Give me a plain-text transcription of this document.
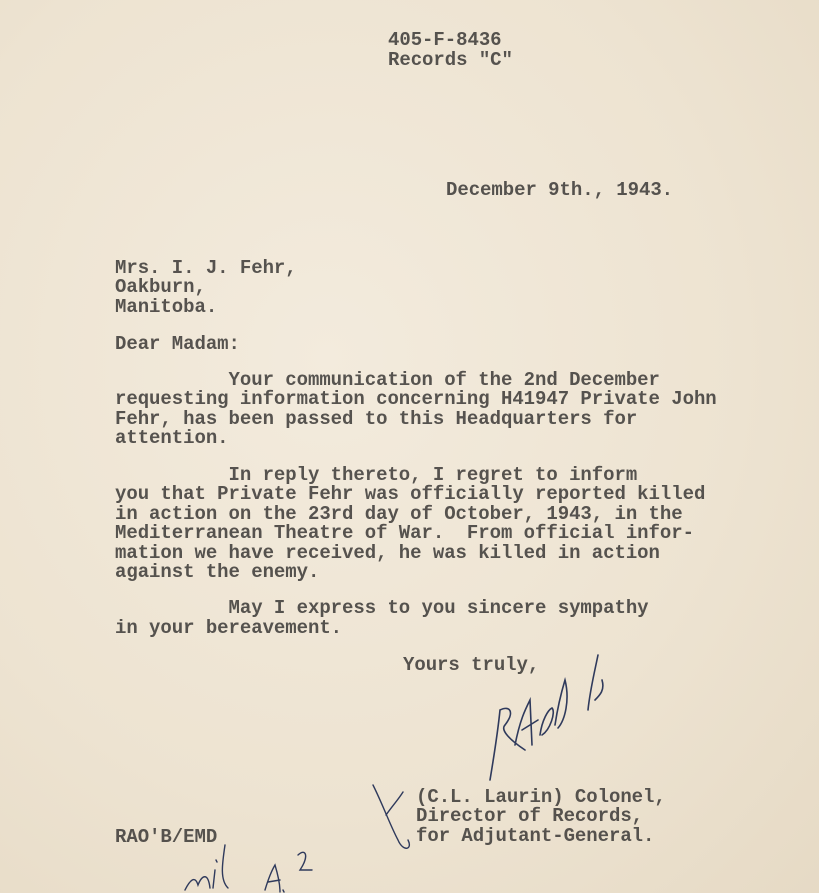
405-F-8436
Records "C"
December 9th., 1943.
Mrs. I. J. Fehr,
Oakburn,
Manitoba.
Dear Madam:
Your communication of the 2nd December
requesting information concerning H41947 Private John
Fehr, has been passed to this Headquarters for
attention.
In reply thereto, I regret to inform
you that Private Fehr was officially reported killed
in action on the 23rd day of October, 1943, in the
Mediterranean Theatre of War.  From official infor-
mation we have received, he was killed in action
against the enemy.
May I express to you sincere sympathy
in your bereavement.
Yours truly,
(C.L. Laurin) Colonel,
Director of Records,
for Adjutant-General.
RAO'B/EMD
